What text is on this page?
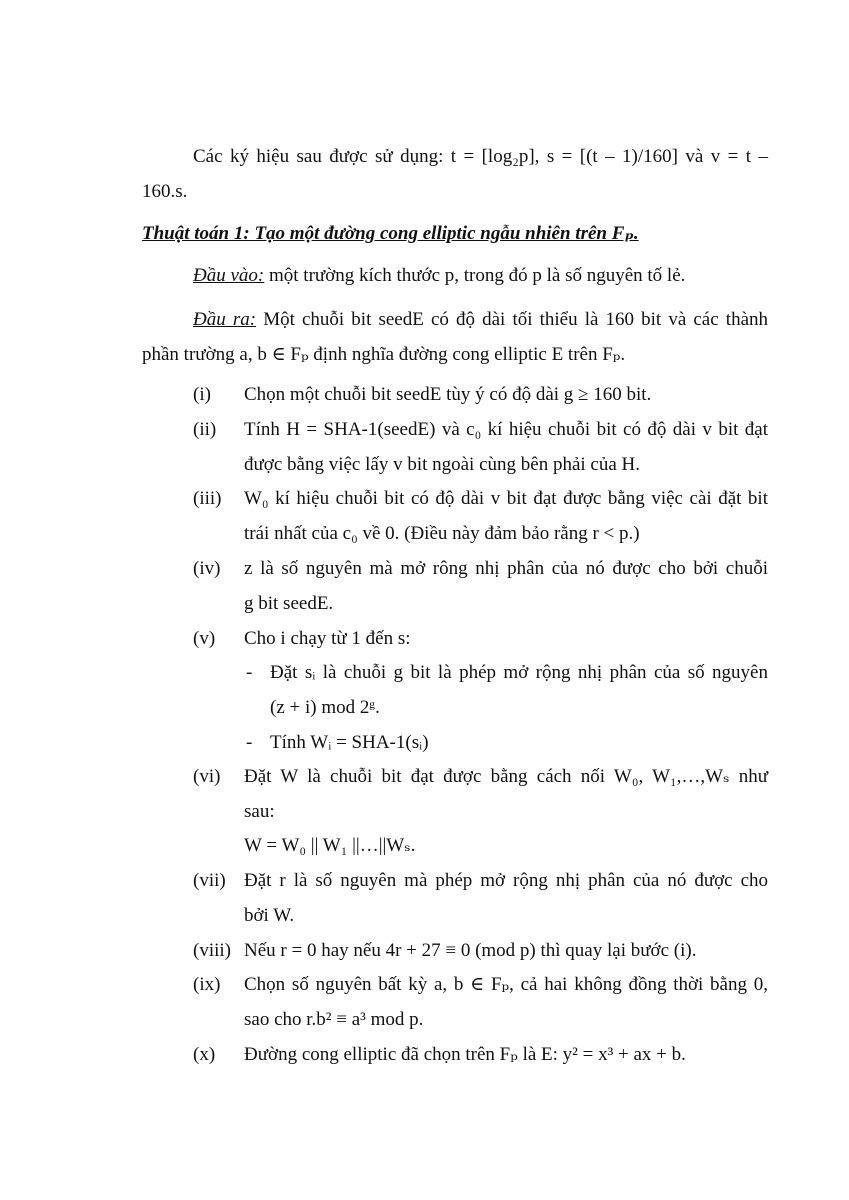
Các ký hiệu sau được sử dụng: t = [log₂p], s = [(t – 1)/160] và v = t –
160.s.
Thuật toán 1: Tạo một đường cong elliptic ngẫu nhiên trên Fₚ.
Đầu vào: một trường kích thước p, trong đó p là số nguyên tố lẻ.
Đầu ra: Một chuỗi bit seedE có độ dài tối thiểu là 160 bit và các thành
phần trường a, b ∈ Fₚ định nghĩa đường cong elliptic E trên Fₚ.
(i) Chọn một chuỗi bit seedE tùy ý có độ dài g ≥ 160 bit.
(ii) Tính H = SHA-1(seedE) và c₀ kí hiệu chuỗi bit có độ dài v bit đạt
được bằng việc lấy v bit ngoài cùng bên phải của H.
(iii) W₀ kí hiệu chuỗi bit có độ dài v bit đạt được bằng việc cài đặt bit
trái nhất của c₀ về 0. (Điều này đảm bảo rằng r < p.)
(iv) z là số nguyên mà mở rông nhị phân của nó được cho bởi chuỗi
g bit seedE.
(v) Cho i chạy từ 1 đến s:
- Đặt sᵢ là chuỗi g bit là phép mở rộng nhị phân của số nguyên
(z + i) mod 2ᵍ.
- Tính Wᵢ = SHA-1(sᵢ)
(vi) Đặt W là chuỗi bit đạt được bằng cách nối W₀, W₁,…,Wₛ như
sau:
W = W₀ || W₁ ||…||Wₛ.
(vii) Đặt r là số nguyên mà phép mở rộng nhị phân của nó được cho
bởi W.
(viii) Nếu r = 0 hay nếu 4r + 27 ≡ 0 (mod p) thì quay lại bước (i).
(ix) Chọn số nguyên bất kỳ a, b ∈ Fₚ, cả hai không đồng thời bằng 0,
sao cho r.b² ≡ a³ mod p.
(x) Đường cong elliptic đã chọn trên Fₚ là E: y² = x³ + ax + b.
